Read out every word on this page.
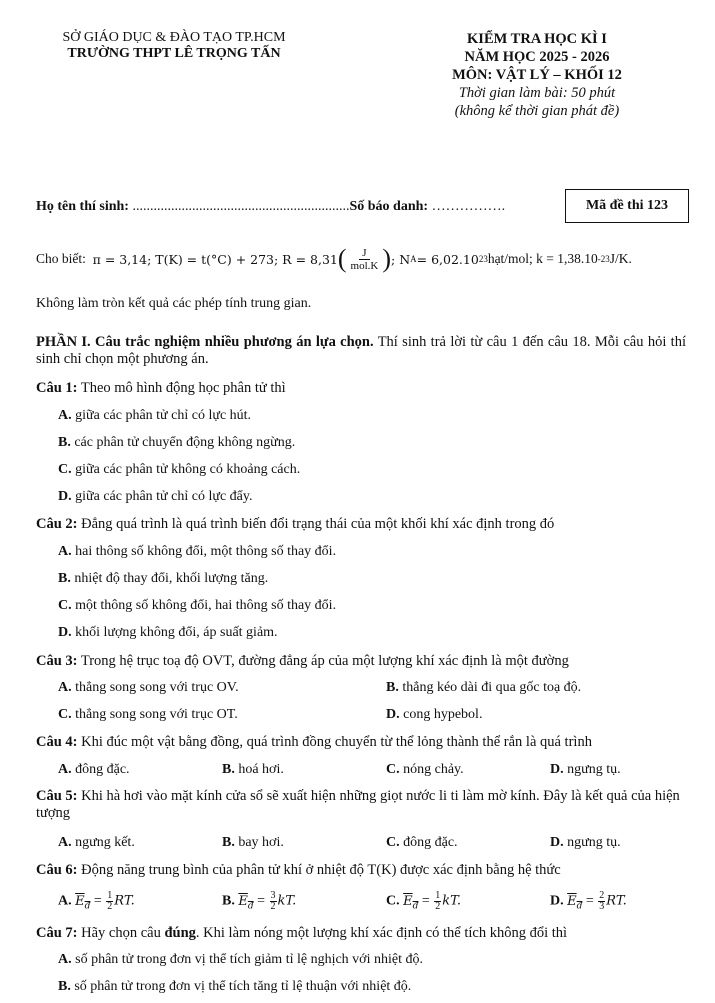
SỞ GIÁO DỤC & ĐÀO TẠO TP.HCM
TRƯỜNG THPT LÊ TRỌNG TẤN
KIỂM TRA HỌC KÌ I
NĂM HỌC 2025 - 2026
MÔN: VẬT LÝ – KHỐI 12
Thời gian làm bài: 50 phút
(không kể thời gian phát đề)
Họ tên thí sinh: ..............................................................Số báo danh: …………….	Mã đề thi 123
Cho biết:
π = 3,14; T(K) = t(°C) + 273; R = 8,31 ( $\frac{J}{\text{mol.K}}$ ) ; N A = 6,02.10 23 hạt/mol; k = 1,38.10 -23 J/K.
Không làm tròn kết quả các phép tính trung gian.
PHẦN I. Câu trắc nghiệm nhiều phương án lựa chọn. Thí sinh trả lời từ câu 1 đến câu 18. Mỗi câu hỏi thí sinh chỉ chọn một phương án.
Câu 1: Theo mô hình động học phân tử thì
A. giữa các phân tử chỉ có lực hút.
B. các phân tử chuyển động không ngừng.
C. giữa các phân tử không có khoảng cách.
D. giữa các phân tử chỉ có lực đẩy.
Câu 2: Đẳng quá trình là quá trình biến đổi trạng thái của một khối khí xác định trong đó
A. hai thông số không đổi, một thông số thay đổi.
B. nhiệt độ thay đổi, khối lượng tăng.
C. một thông số không đổi, hai thông số thay đổi.
D. khối lượng không đổi, áp suất giảm.
Câu 3: Trong hệ trục toạ độ OVT, đường đẳng áp của một lượng khí xác định là một đường
A. thẳng song song với trục OV.	B. thẳng kéo dài đi qua gốc toạ độ.
C. thẳng song song với trục OT.	D. cong hypebol.
Câu 4: Khi đúc một vật bằng đồng, quá trình đồng chuyển từ thể lỏng thành thể rắn là quá trình
A. đông đặc.	B. hoá hơi.	C. nóng chảy.	D. ngưng tụ.
Câu 5: Khi hà hơi vào mặt kính cửa sổ sẽ xuất hiện những giọt nước li ti làm mờ kính. Đây là kết quả của hiện tượng
A. ngưng kết.	B. bay hơi.	C. đông đặc.	D. ngưng tụ.
Câu 6: Động năng trung bình của phân tử khí ở nhiệt độ T(K) được xác định bằng hệ thức
A. $E_đ = \frac{1}{2}$ RT.	B. $E_đ = \frac{3}{2}$ kT.	C. $E_đ = \frac{1}{2}$ kT.	D. $E_đ = \frac{2}{3}$ RT.
Câu 7: Hãy chọn câu đúng. Khi làm nóng một lượng khí xác định có thể tích không đổi thì
A. số phân tử trong đơn vị thể tích giảm tỉ lệ nghịch với nhiệt độ.
B. số phân tử trong đơn vị thể tích tăng tỉ lệ thuận với nhiệt độ.
